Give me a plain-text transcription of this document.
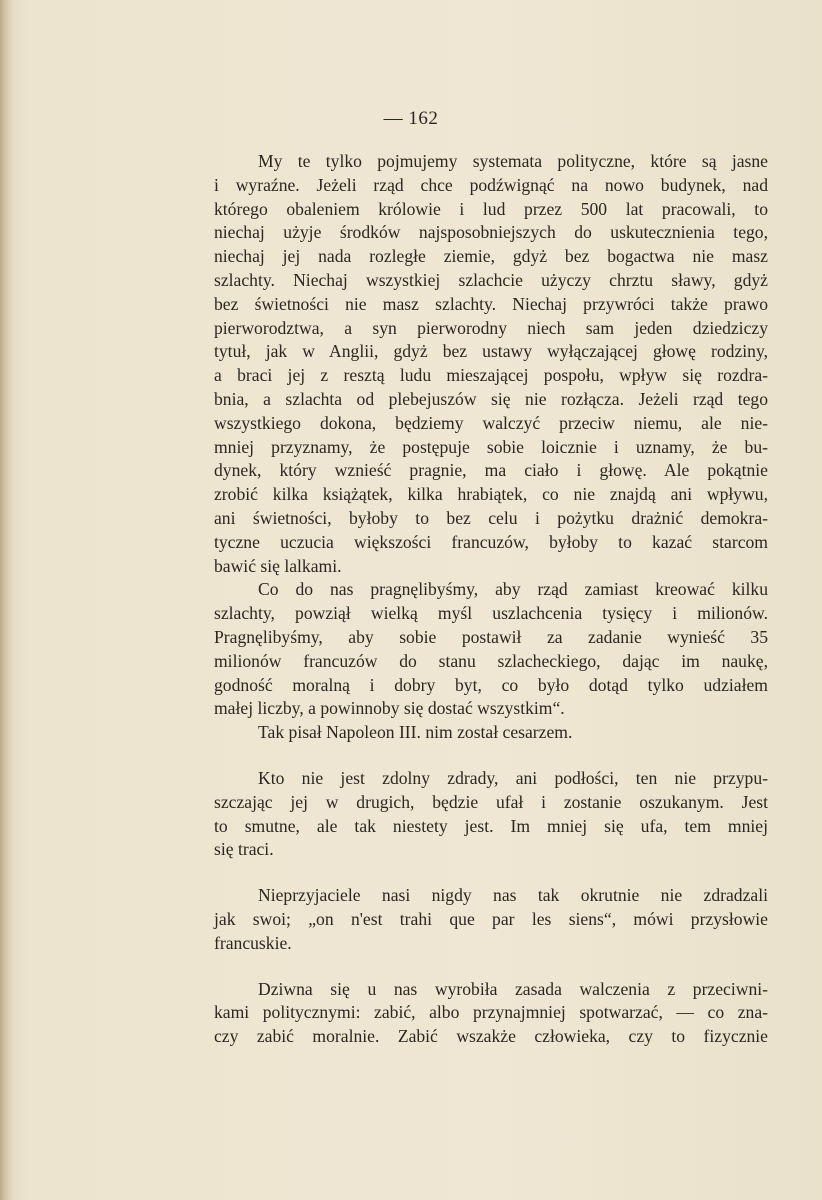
— 162
My te tylko pojmujemy systemata polityczne, które są jasne
i wyraźne. Jeżeli rząd chce podźwignąć na nowo budynek, nad
którego obaleniem królowie i lud przez 500 lat pracowali, to
niechaj użyje środków najsposobniejszych do uskutecznienia tego,
niechaj jej nada rozległe ziemie, gdyż bez bogactwa nie masz
szlachty. Niechaj wszystkiej szlachcie użyczy chrztu sławy, gdyż
bez świetności nie masz szlachty. Niechaj przywróci także prawo
pierworodztwa, a syn pierworodny niech sam jeden dziedziczy
tytuł, jak w Anglii, gdyż bez ustawy wyłączającej głowę rodziny,
a braci jej z resztą ludu mieszającej pospołu, wpływ się rozdra-
bnia, a szlachta od plebejuszów się nie rozłącza. Jeżeli rząd tego
wszystkiego dokona, będziemy walczyć przeciw niemu, ale nie-
mniej przyznamy, że postępuje sobie loicznie i uznamy, że bu-
dynek, który wznieść pragnie, ma ciało i głowę. Ale pokątnie
zrobić kilka książątek, kilka hrabiątek, co nie znajdą ani wpływu,
ani świetności, byłoby to bez celu i pożytku drażnić demokra-
tyczne uczucia większości francuzów, byłoby to kazać starcom
bawić się lalkami.
Co do nas pragnęlibyśmy, aby rząd zamiast kreować kilku
szlachty, powziął wielką myśl uszlachcenia tysięcy i milionów.
Pragnęlibyśmy, aby sobie postawił za zadanie wynieść 35
milionów francuzów do stanu szlacheckiego, dając im naukę,
godność moralną i dobry byt, co było dotąd tylko udziałem
małej liczby, a powinnoby się dostać wszystkim“.
Tak pisał Napoleon III. nim został cesarzem.
Kto nie jest zdolny zdrady, ani podłości, ten nie przypu-
szczając jej w drugich, będzie ufał i zostanie oszukanym. Jest
to smutne, ale tak niestety jest. Im mniej się ufa, tem mniej
się traci.
Nieprzyjaciele nasi nigdy nas tak okrutnie nie zdradzali
jak swoi; „on n'est trahi que par les siens“, mówi przysłowie
francuskie.
Dziwna się u nas wyrobiła zasada walczenia z przeciwni-
kami politycznymi: zabić, albo przynajmniej spotwarzać, — co zna-
czy zabić moralnie. Zabić wszakże człowieka, czy to fizycznie
